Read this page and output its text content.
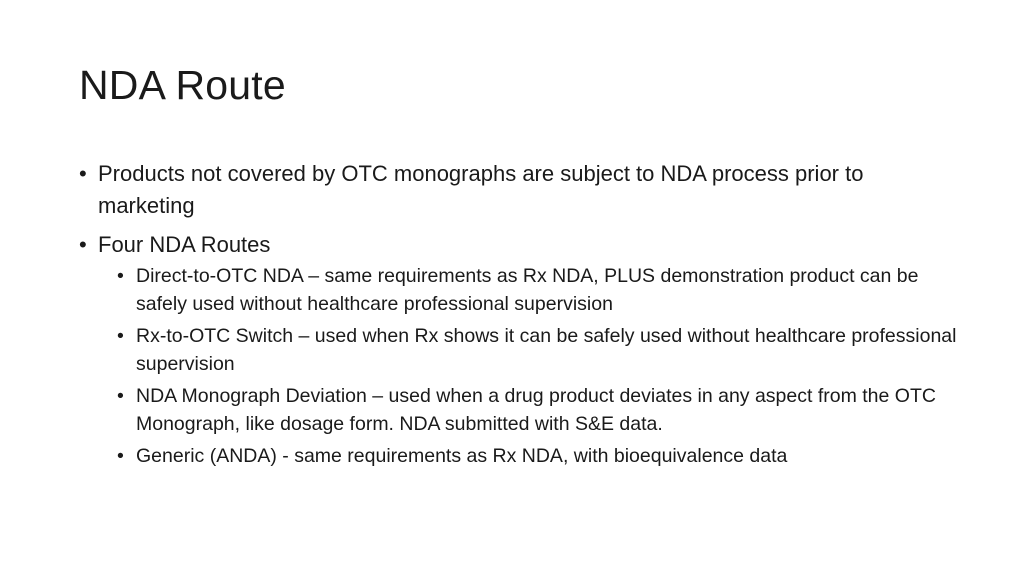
NDA Route
• Products not covered by OTC monographs are subject to NDA process prior to marketing
• Four NDA Routes
• Direct-to-OTC NDA – same requirements as Rx NDA, PLUS demonstration product can be safely used without healthcare professional supervision
• Rx-to-OTC Switch – used when Rx shows it can be safely used without healthcare professional supervision
• NDA Monograph Deviation – used when a drug product deviates in any aspect from the OTC Monograph, like dosage form. NDA submitted with S&E data.
• Generic (ANDA) - same requirements as Rx NDA, with bioequivalence data
